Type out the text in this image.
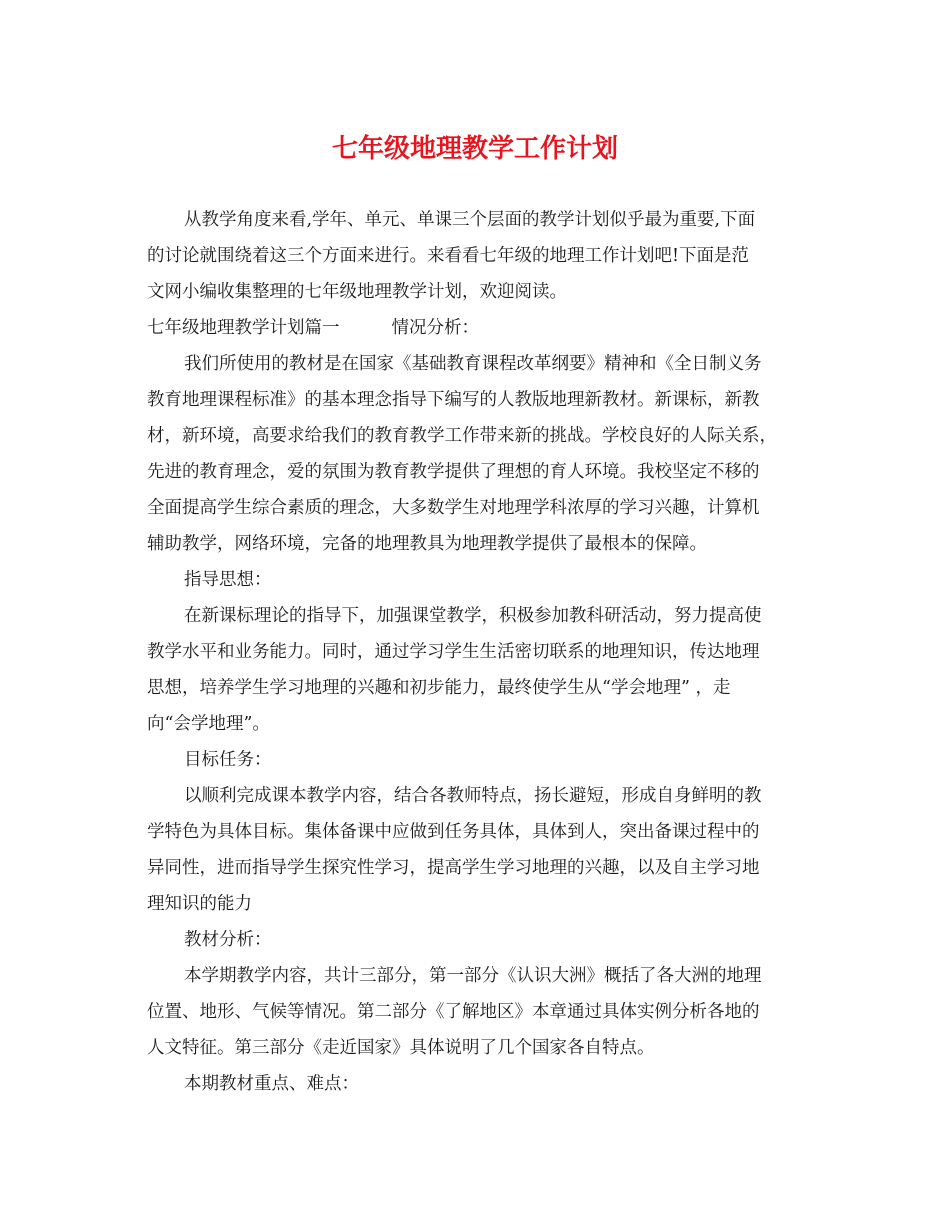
七年级地理教学工作计划
从教学角度来看,学年、单元、单课三个层面的教学计划似乎最为重要,下面
的讨论就围绕着这三个方面来进行。来看看七年级的地理工作计划吧!下面是范
文网小编收集整理的七年级地理教学计划，欢迎阅读。
七年级地理教学计划篇一	情况分析：
我们所使用的教材是在国家《基础教育课程改革纲要》精神和《全日制义务
教育地理课程标准》的基本理念指导下编写的人教版地理新教材。新课标，新教
材，新环境，高要求给我们的教育教学工作带来新的挑战。学校良好的人际关系，
先进的教育理念，爱的氛围为教育教学提供了理想的育人环境。我校坚定不移的
全面提高学生综合素质的理念，大多数学生对地理学科浓厚的学习兴趣，计算机
辅助教学，网络环境，完备的地理教具为地理教学提供了最根本的保障。
指导思想：
在新课标理论的指导下，加强课堂教学，积极参加教科研活动，努力提高使
教学水平和业务能力。同时，通过学习学生生活密切联系的地理知识，传达地理
思想，培养学生学习地理的兴趣和初步能力，最终使学生从“学会地理” ，走
向“会学地理”。
目标任务：
以顺利完成课本教学内容，结合各教师特点，扬长避短，形成自身鲜明的教
学特色为具体目标。集体备课中应做到任务具体，具体到人，突出备课过程中的
异同性，进而指导学生探究性学习，提高学生学习地理的兴趣，以及自主学习地
理知识的能力
教材分析：
本学期教学内容，共计三部分，第一部分《认识大洲》概括了各大洲的地理
位置、地形、气候等情况。第二部分《了解地区》本章通过具体实例分析各地的
人文特征。第三部分《走近国家》具体说明了几个国家各自特点。
本期教材重点、难点：
